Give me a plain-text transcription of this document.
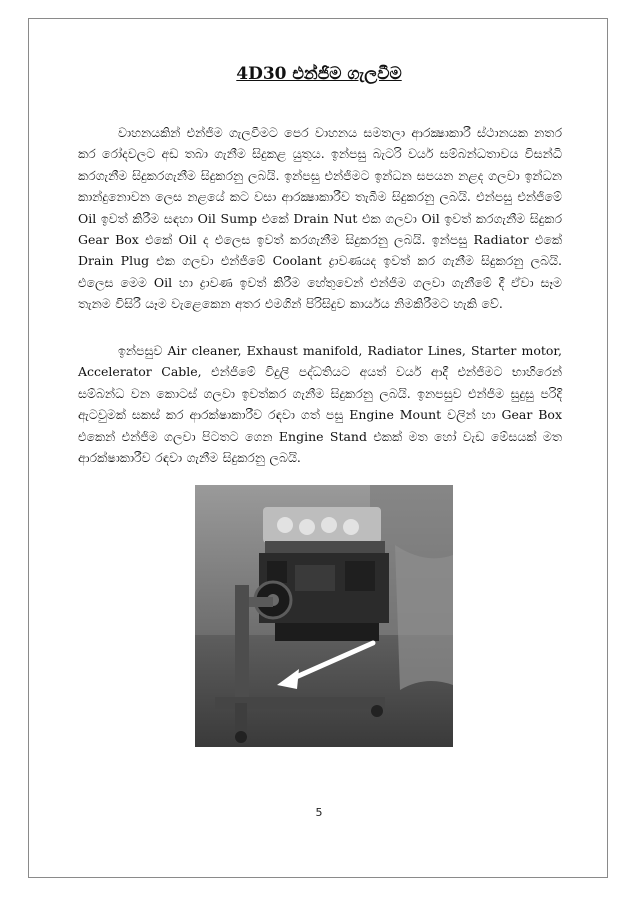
4D30 එන්ජිම ගැලවීම

වාහනයකින් එන්ජිම ගැලවීමට පෙර වාහනය සමතලා ආරක්‍ෂාකාරී ස්ථානයක නතර කර රෝදවලට අඩ තබා ගැනීම සිදුකළ යුතුය. ඉන්පසු බැටරි වයර් සම්බන්ධතාවය විසන්ධි කරගැනීම සිදුකරගැනීම සිදුකරනු ලබයි. ඉන්පසු එන්ජිමට ඉන්ධන සපයන නළද ගලවා ඉන්ධන කාන්දුනොවන ලෙස නළයේ කට වසා ආරක්‍ෂාකාරීව තැබීම සිදුකරනු ලබයි. එන්පසු එන්ජිමේ Oil ඉවත් කිරීම සඳහා Oil Sump එකේ Drain Nut එක ගලවා Oil ඉවත් කරගැනීම සිදුකර Gear Box එකේ Oil ද එලෙස ඉවත් කරගැනීම සිදුකරනු ලබයි. ඉන්පසු Radiator එකේ Drain Plug එක ගලවා එන්ජිමේ Coolant ද්‍රාවණයද ඉවත් කර ගැනීම සිදුකරනු ලබයි. එලෙස මෙම Oil හා ද්‍රාවණ ඉවත් කිරීම හේතුවෙන් එන්ජිම ගලවා ගැනීමේ දී ඒවා සෑම තැනම විසිරී යෑම වැළෙකෙන අතර එමගින් පිරිසිදුව කාර්යය නිමකිරීමට හැකි වේ.

ඉන්පසුව Air cleaner, Exhaust manifold, Radiator Lines, Starter motor, Accelerator Cable, එන්ජිමේ විදුලි පද්ධතියට අයත් වයර් ආදී එන්ජිමට භාහිරෙන් සම්බන්ධ වන කොටස් ගලවා ඉවත්කර ගැනීම සිදුකරනු ලබයි. ඉනපසුව එන්ජිම සුදුසු පරිදි ඇටවුමක් සකස් කර ආරක්ෂාකාරීව රඳවා ගත් පසු Engine Mount වලින් හා Gear Box එකෙන් එන්ජිම ගලවා පිටතට ගෙන Engine Stand එකක් මත හෝ වැඩ මේසයක් මත ආරක්ෂාකාරීව රඳවා ගැනීම සිදුකරනු ලබයි.

5
